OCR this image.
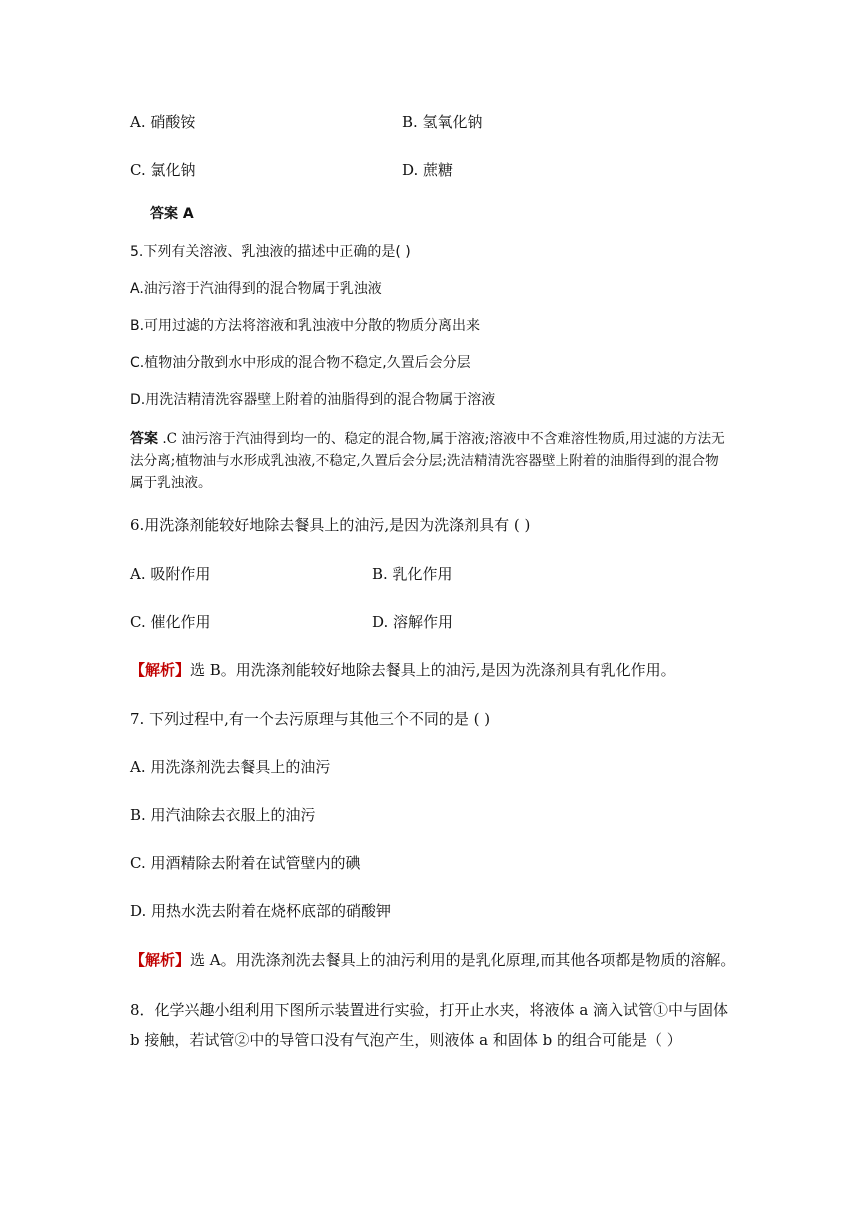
A. 硝酸铵	B. 氢氧化钠
C. 氯化钠	D. 蔗糖
答案 A
5.下列有关溶液、乳浊液的描述中正确的是( )
A.油污溶于汽油得到的混合物属于乳浊液
B.可用过滤的方法将溶液和乳浊液中分散的物质分离出来
C.植物油分散到水中形成的混合物不稳定,久置后会分层
D.用洗洁精清洗容器壁上附着的油脂得到的混合物属于溶液
答案 .C 油污溶于汽油得到均一的、稳定的混合物,属于溶液;溶液中不含难溶性物质,用过滤的方法无法分离;植物油与水形成乳浊液,不稳定,久置后会分层;洗洁精清洗容器壁上附着的油脂得到的混合物属于乳浊液。
6.用洗涤剂能较好地除去餐具上的油污,是因为洗涤剂具有 ( )
A. 吸附作用	B. 乳化作用
C. 催化作用	D. 溶解作用
【解析】选 B。用洗涤剂能较好地除去餐具上的油污,是因为洗涤剂具有乳化作用。
7. 下列过程中,有一个去污原理与其他三个不同的是 ( )
A. 用洗涤剂洗去餐具上的油污
B. 用汽油除去衣服上的油污
C. 用酒精除去附着在试管壁内的碘
D. 用热水洗去附着在烧杯底部的硝酸钾
【解析】选 A。用洗涤剂洗去餐具上的油污利用的是乳化原理,而其他各项都是物质的溶解。
8．化学兴趣小组利用下图所示装置进行实验，打开止水夹，将液体 a 滴入试管①中与固体
b 接触，若试管②中的导管口没有气泡产生，则液体 a 和固体 b 的组合可能是（ ）
